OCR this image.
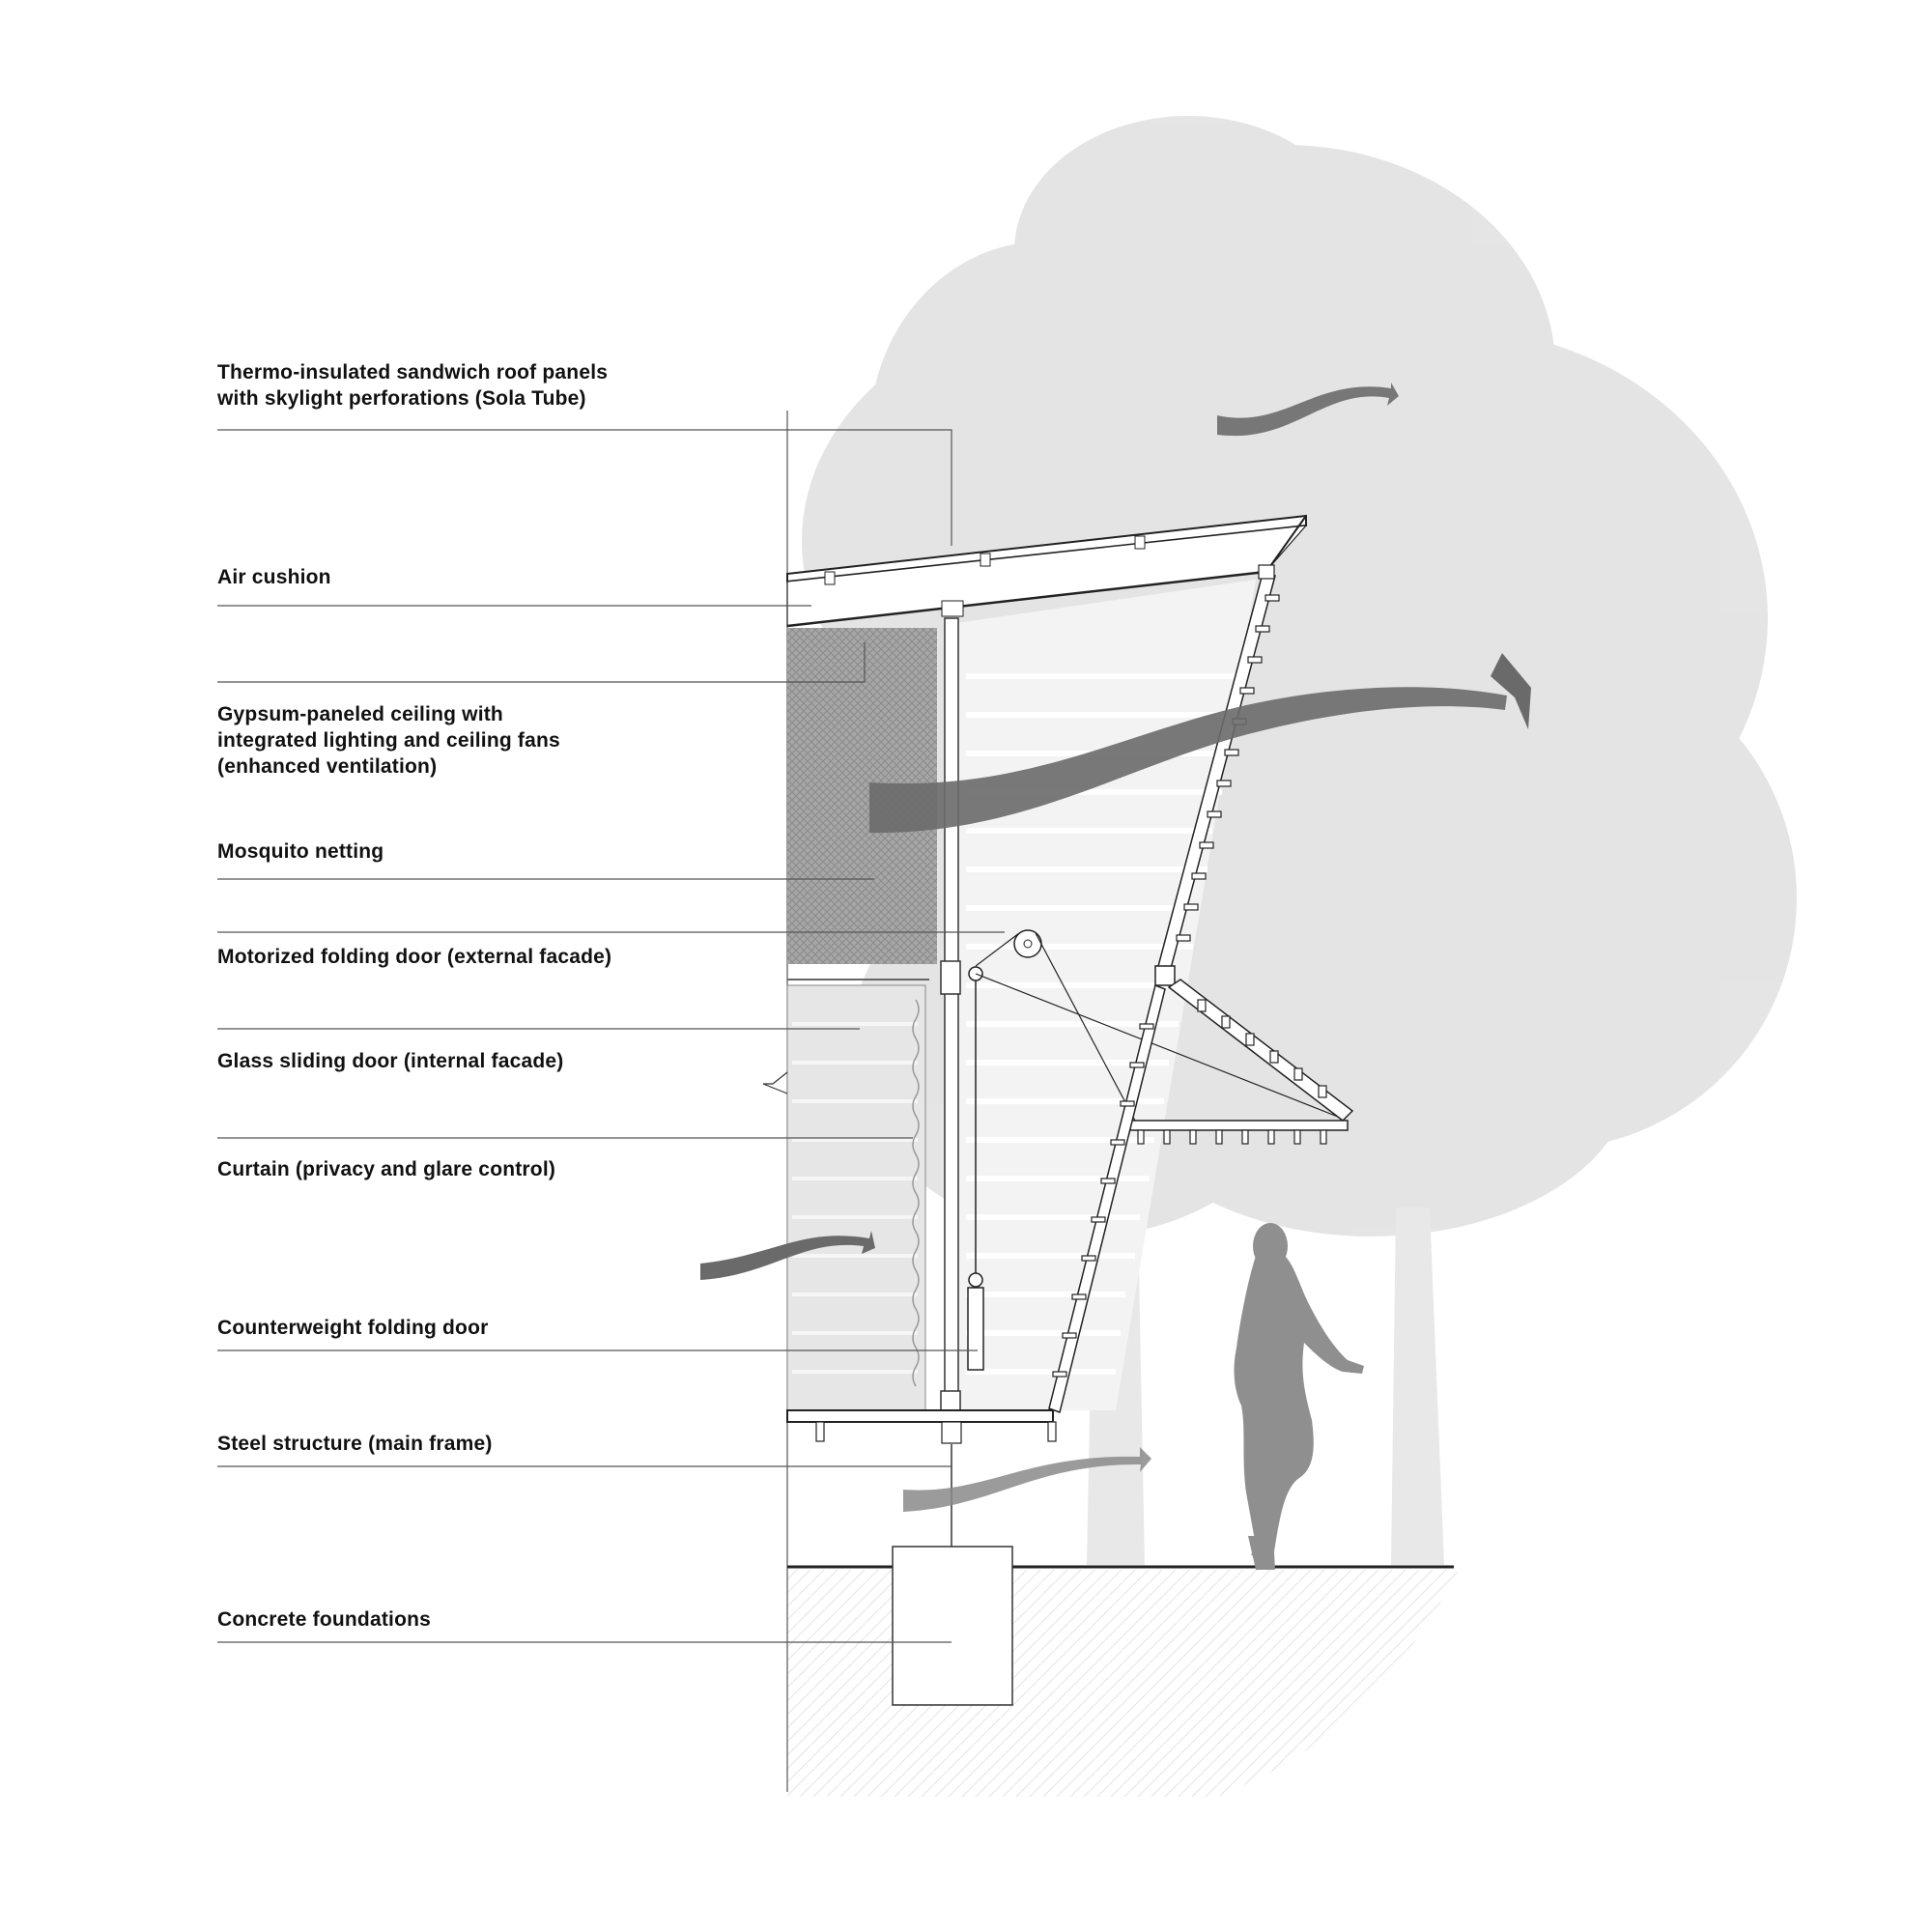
Thermo-insulated sandwich roof panels
with skylight perforations (Sola Tube)
Air cushion
Gypsum-paneled ceiling with
integrated lighting and ceiling fans
(enhanced ventilation)
Mosquito netting
Motorized folding door (external facade)
Glass sliding door (internal facade)
Curtain (privacy and glare control)
Counterweight folding door
Steel structure (main frame)
Concrete foundations
